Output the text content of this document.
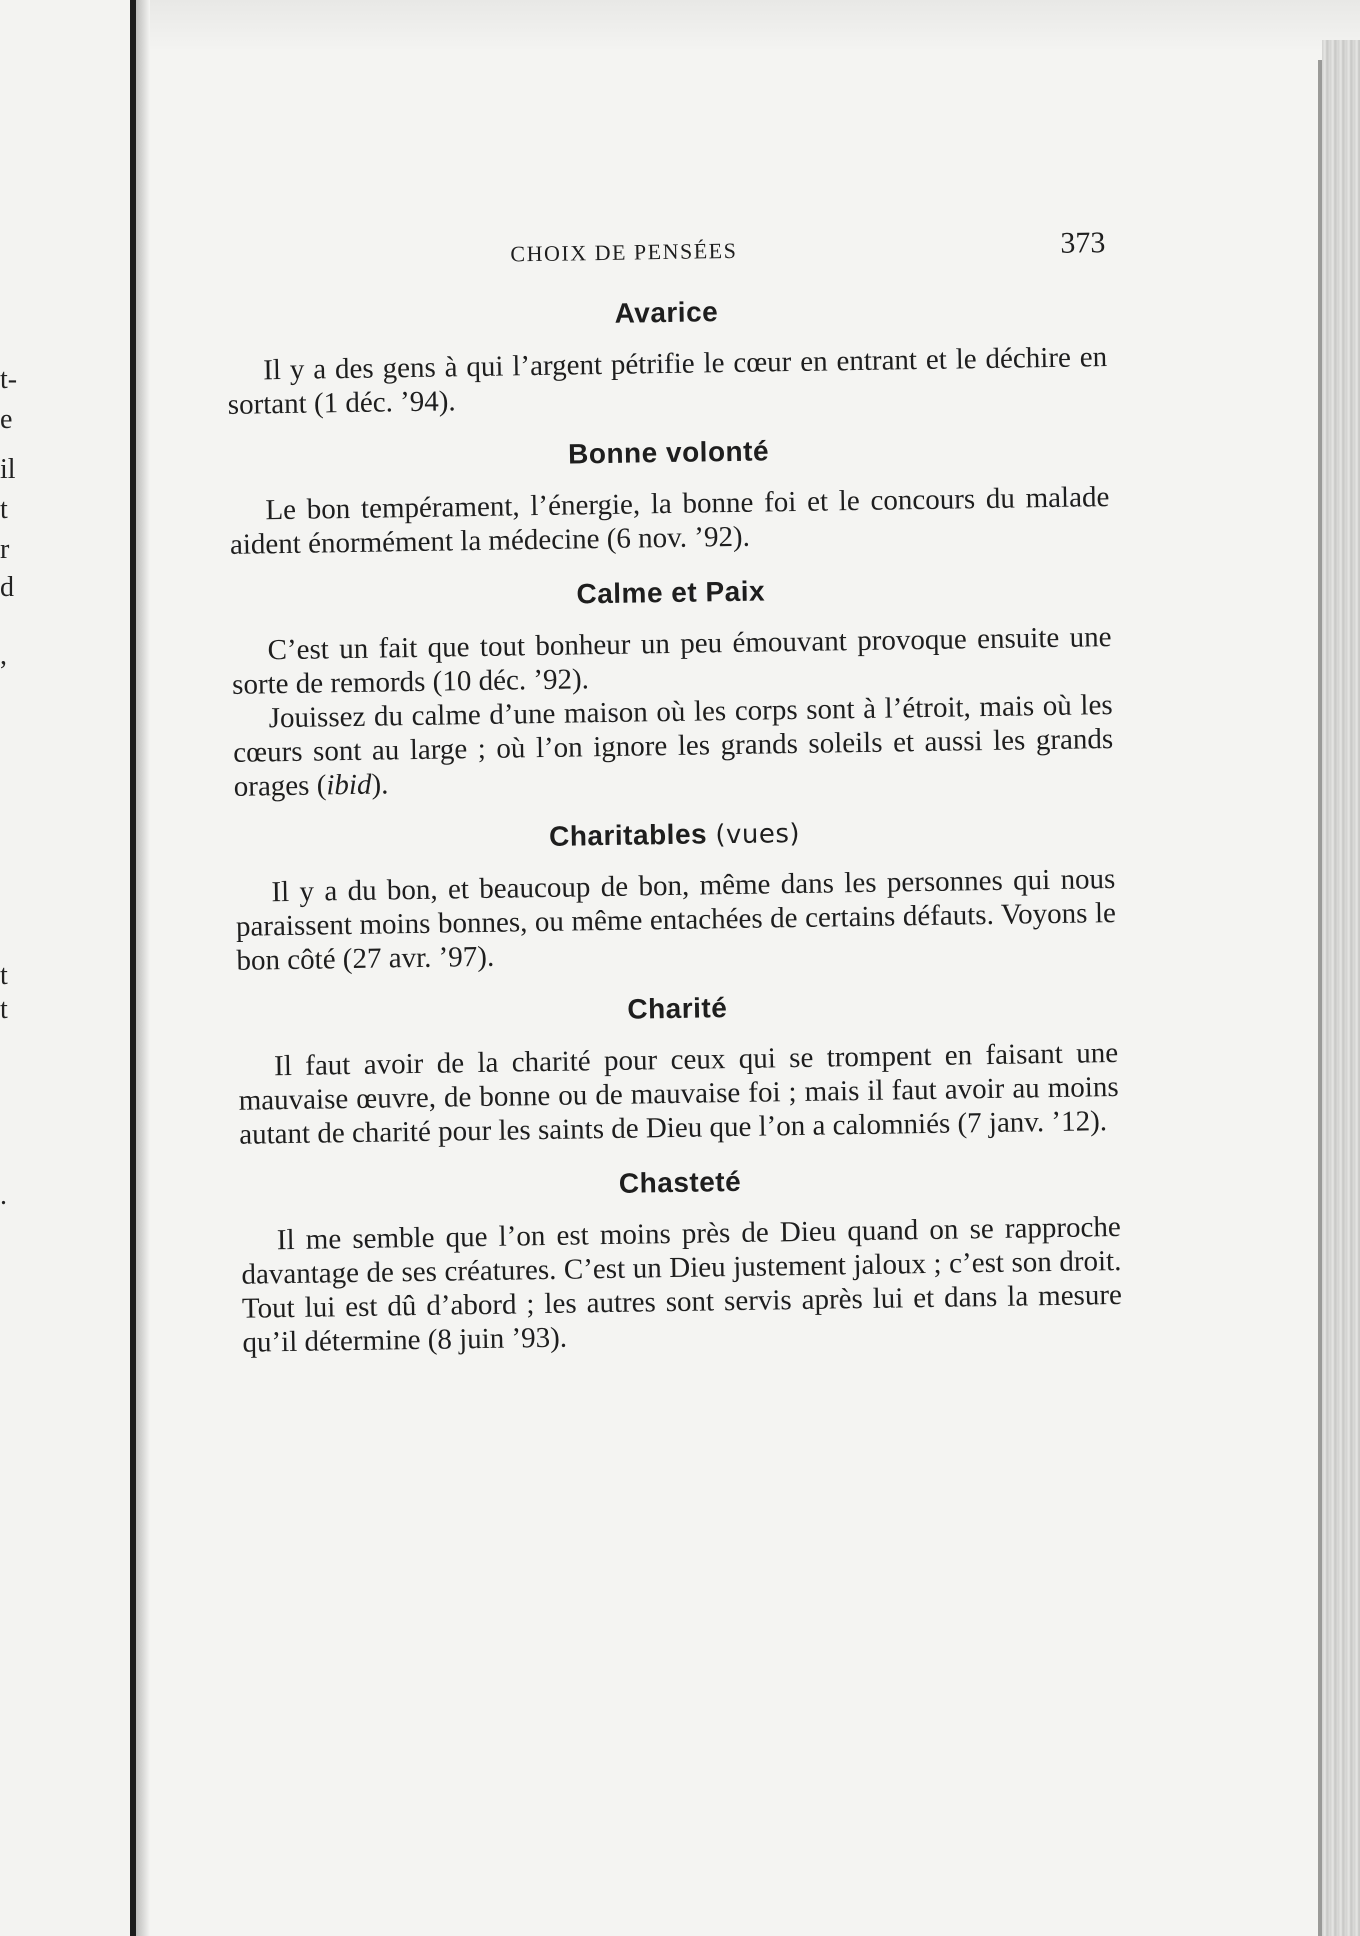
t-
e
il
t
r
d
,
t
t
.
CHOIX DE PENSÉES	373
Avarice

Il y a des gens à qui l’argent pétrifie le cœur en entrant et le déchire en sortant (1 déc. ’94).

Bonne volonté

Le bon tempérament, l’énergie, la bonne foi et le concours du malade aident énormément la médecine (6 nov. ’92).

Calme et Paix

C’est un fait que tout bonheur un peu émouvant provoque ensuite une sorte de remords (10 déc. ’92).

Jouissez du calme d’une maison où les corps sont à l’étroit, mais où les cœurs sont au large ; où l’on ignore les grands soleils et aussi les grands orages (ibid).

Charitables (vues)

Il y a du bon, et beaucoup de bon, même dans les personnes qui nous paraissent moins bonnes, ou même entachées de certains défauts. Voyons le bon côté (27 avr. ’97).

Charité

Il faut avoir de la charité pour ceux qui se trompent en faisant une mauvaise œuvre, de bonne ou de mauvaise foi ; mais il faut avoir au moins autant de charité pour les saints de Dieu que l’on a calomniés (7 janv. ’12).

Chasteté

Il me semble que l’on est moins près de Dieu quand on se rapproche davantage de ses créatures. C’est un Dieu justement jaloux ; c’est son droit. Tout lui est dû d’abord ; les autres sont servis après lui et dans la mesure qu’il détermine (8 juin ’93).
